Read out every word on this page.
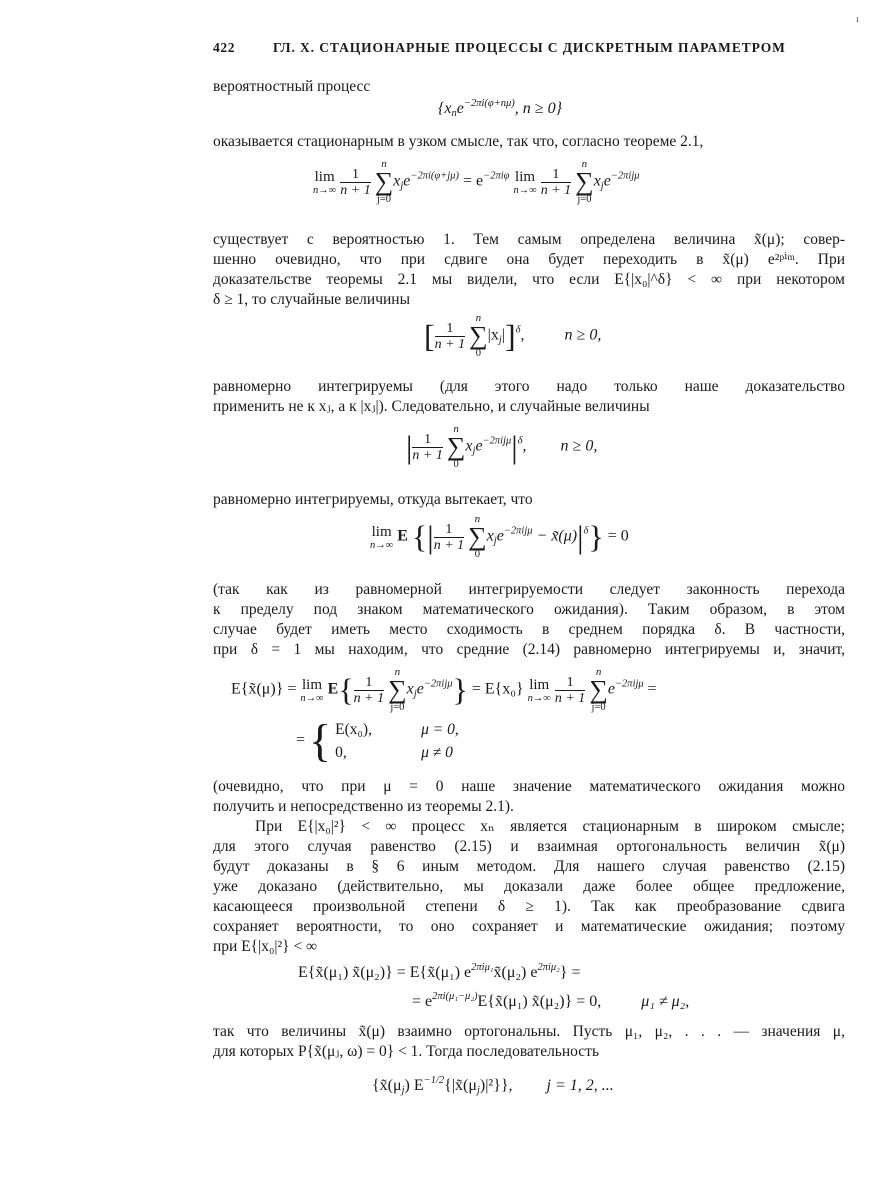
ı
422	ГЛ. X. СТАЦИОНАРНЫЕ ПРОЦЕССЫ С ДИСКРЕТНЫМ ПАРАМЕТРОМ
вероятностный процесс
{xne$^{-2\pi i(\varphi+n\mu)}$, n ≥ 0}
оказывается стационарным в узком смысле, так что, согласно теореме 2.1,
lim
n→∞
$\frac{1}{n + 1}$

n
∑
j=0
$xje^{-2\pi i(\varphi+j\mu)} = e^{-2\pi i\varphi}$ lim
n→∞
$\frac{1}{n + 1}$

n
∑
j=0
xje$^{-2\pi ij\mu}$
существует с вероятностью 1. Тем самым определена величина x̃(μ); совер-
шенно очевидно, что при сдвиге она будет переходить в x̃(μ) e²ᵖⁱᵐ. При
доказательстве теоремы 2.1 мы видели, что если E{|x₀|^δ} < ∞ при некотором
δ ≥ 1, то случайные величины
[ $\frac{1}{n + 1}$

n
∑
0
|xj|]$^\delta$,	n ≥ 0,
равномерно интегрируемы (для этого надо только наше доказательство
применить не к xⱼ, а к |xⱼ|). Следовательно, и случайные величины
| $\frac{1}{n + 1}$

n
∑
0
$xje^{-2\pi ij\mu}|^\delta$, n ≥ 0,
равномерно интегрируемы, откуда вытекает, что
lim
n→∞
E {| $\frac{1}{n + 1}$

n
∑
0
$xje^{-2\pi ij\mu} - x̃(\mu)|^\delta\} = 0$
(так как из равномерной интегрируемости следует законность перехода
к пределу под знаком математического ожидания). Таким образом, в этом
случае будет иметь место сходимость в среднем порядка δ. В частности,
при δ = 1 мы находим, что средние (2.14) равномерно интегрируемы и, значит,
E{x̃(μ)} = lim
n→∞
$E\{ \frac{1}{n + 1}$

n
∑
j=0
xje$^{-2\pi ij\mu}$} = E{x₀} lim
n→∞
$\frac{1}{n + 1}$

n
∑
j=0
$e^{-2\pi ij\mu}$ =
= { E(x₀),	μ = 0,
0,	μ ≠ 0
(очевидно, что при μ = 0 наше значение математического ожидания можно
получить и непосредственно из теоремы 2.1).
При E{|x₀|²} < ∞ процесс xₙ является стационарным в широком смысле;
для этого случая равенство (2.15) и взаимная ортогональность величин x̃(μ)
будут доказаны в § 6 иным методом. Для нашего случая равенство (2.15)
уже доказано (действительно, мы доказали даже более общее предложение,
касающееся произвольной степени δ ≥ 1). Так как преобразование сдвига
сохраняет вероятности, то оно сохраняет и математические ожидания; поэтому
при E{|x₀|²} < ∞
E{x̃(μ₁) x̃(μ₂)} = E{x̃(μ₁) $e^{2\pi i\mu_1}x̃(\mu_2) e^{2\pi i\mu_2}$} =
= $e^{2\pi i(\mu_1-\mu_2)}E\{x̃(\mu_1)$ x̃(μ₂)} = 0,	μ₁ ≠ μ₂,
так что величины x̃(μ) взаимно ортогональны. Пусть μ₁, μ₂, . . . — значения μ,
для которых P{x̃(μⱼ, ω) = 0} < 1. Тогда последовательность
{x̃(μj) $E^{-1/2}\{|x̃(\mu j)|^2\}$}, j = 1, 2, ...
